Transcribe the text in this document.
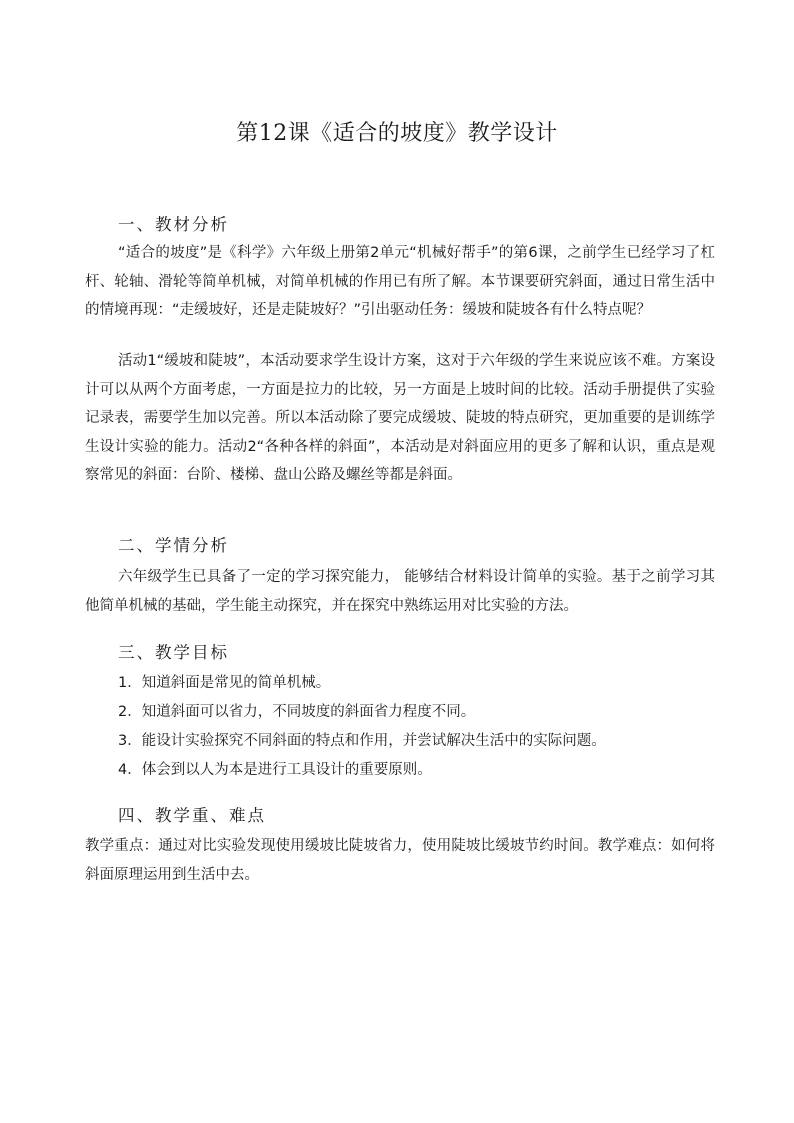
第12课《适合的坡度》教学设计
一、教材分析

“适合的坡度”是《科学》六年级上册第2单元“机械好帮手”的第6课，之前学生已经学习了杠杆、轮轴、滑轮等简单机械，对简单机械的作用已有所了解。本节课要研究斜面，通过日常生活中的情境再现：“走缓坡好，还是走陡坡好？”引出驱动任务：缓坡和陡坡各有什么特点呢？

活动1“缓坡和陡坡”，本活动要求学生设计方案，这对于六年级的学生来说应该不难。方案设计可以从两个方面考虑，一方面是拉力的比较，另一方面是上坡时间的比较。活动手册提供了实验记录表，需要学生加以完善。所以本活动除了要完成缓坡、陡坡的特点研究，更加重要的是训练学生设计实验的能力。活动2“各种各样的斜面”，本活动是对斜面应用的更多了解和认识，重点是观察常见的斜面：台阶、楼梯、盘山公路及螺丝等都是斜面。

二、学情分析

六年级学生已具备了一定的学习探究能力， 能够结合材料设计简单的实验。基于之前学习其他简单机械的基础，学生能主动探究，并在探究中熟练运用对比实验的方法。

三、教学目标
1．知道斜面是常见的简单机械。
2．知道斜面可以省力，不同坡度的斜面省力程度不同。
3．能设计实验探究不同斜面的特点和作用，并尝试解决生活中的实际问题。
4．体会到以人为本是进行工具设计的重要原则。
四、教学重、难点

教学重点：通过对比实验发现使用缓坡比陡坡省力，使用陡坡比缓坡节约时间。教学难点：如何将斜面原理运用到生活中去。
